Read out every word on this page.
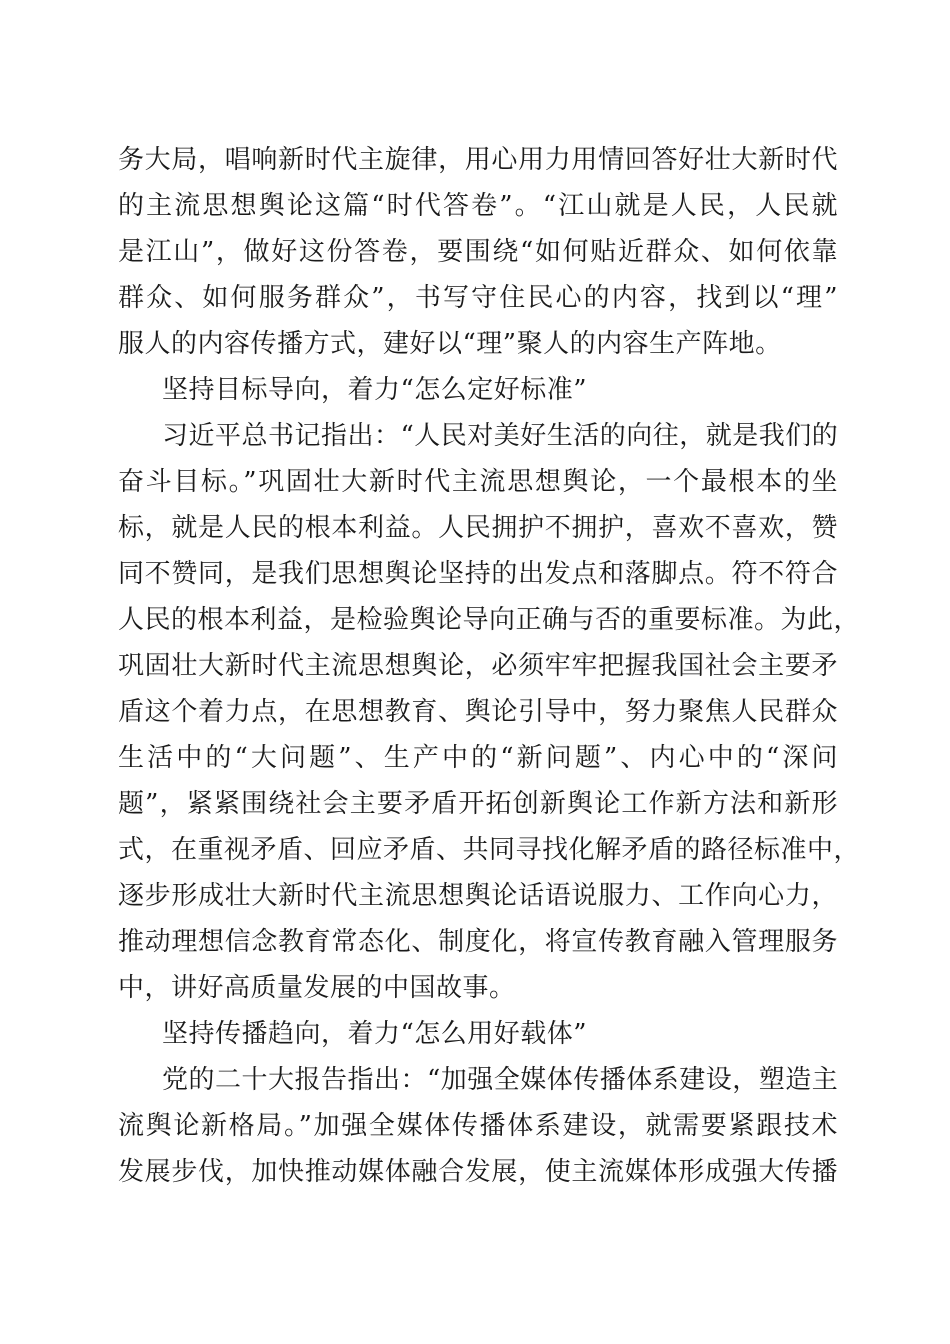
务大局，唱响新时代主旋律，用心用力用情回答好壮大新时代
的主流思想舆论这篇“时代答卷”。“江山就是人民，人民就
是江山”，做好这份答卷，要围绕“如何贴近群众、如何依靠
群众、如何服务群众”，书写守住民心的内容，找到以“理”
服人的内容传播方式，建好以“理”聚人的内容生产阵地。
坚持目标导向，着力“怎么定好标准”
习近平总书记指出：“人民对美好生活的向往，就是我们的
奋斗目标。”巩固壮大新时代主流思想舆论，一个最根本的坐
标，就是人民的根本利益。人民拥护不拥护，喜欢不喜欢，赞
同不赞同，是我们思想舆论坚持的出发点和落脚点。符不符合
人民的根本利益，是检验舆论导向正确与否的重要标准。为此，
巩固壮大新时代主流思想舆论，必须牢牢把握我国社会主要矛
盾这个着力点，在思想教育、舆论引导中，努力聚焦人民群众
生活中的“大问题”、生产中的“新问题”、内心中的“深问
题”，紧紧围绕社会主要矛盾开拓创新舆论工作新方法和新形
式，在重视矛盾、回应矛盾、共同寻找化解矛盾的路径标准中，
逐步形成壮大新时代主流思想舆论话语说服力、工作向心力，
推动理想信念教育常态化、制度化，将宣传教育融入管理服务
中，讲好高质量发展的中国故事。
坚持传播趋向，着力“怎么用好载体”
党的二十大报告指出：“加强全媒体传播体系建设，塑造主
流舆论新格局。”加强全媒体传播体系建设，就需要紧跟技术
发展步伐，加快推动媒体融合发展，使主流媒体形成强大传播
